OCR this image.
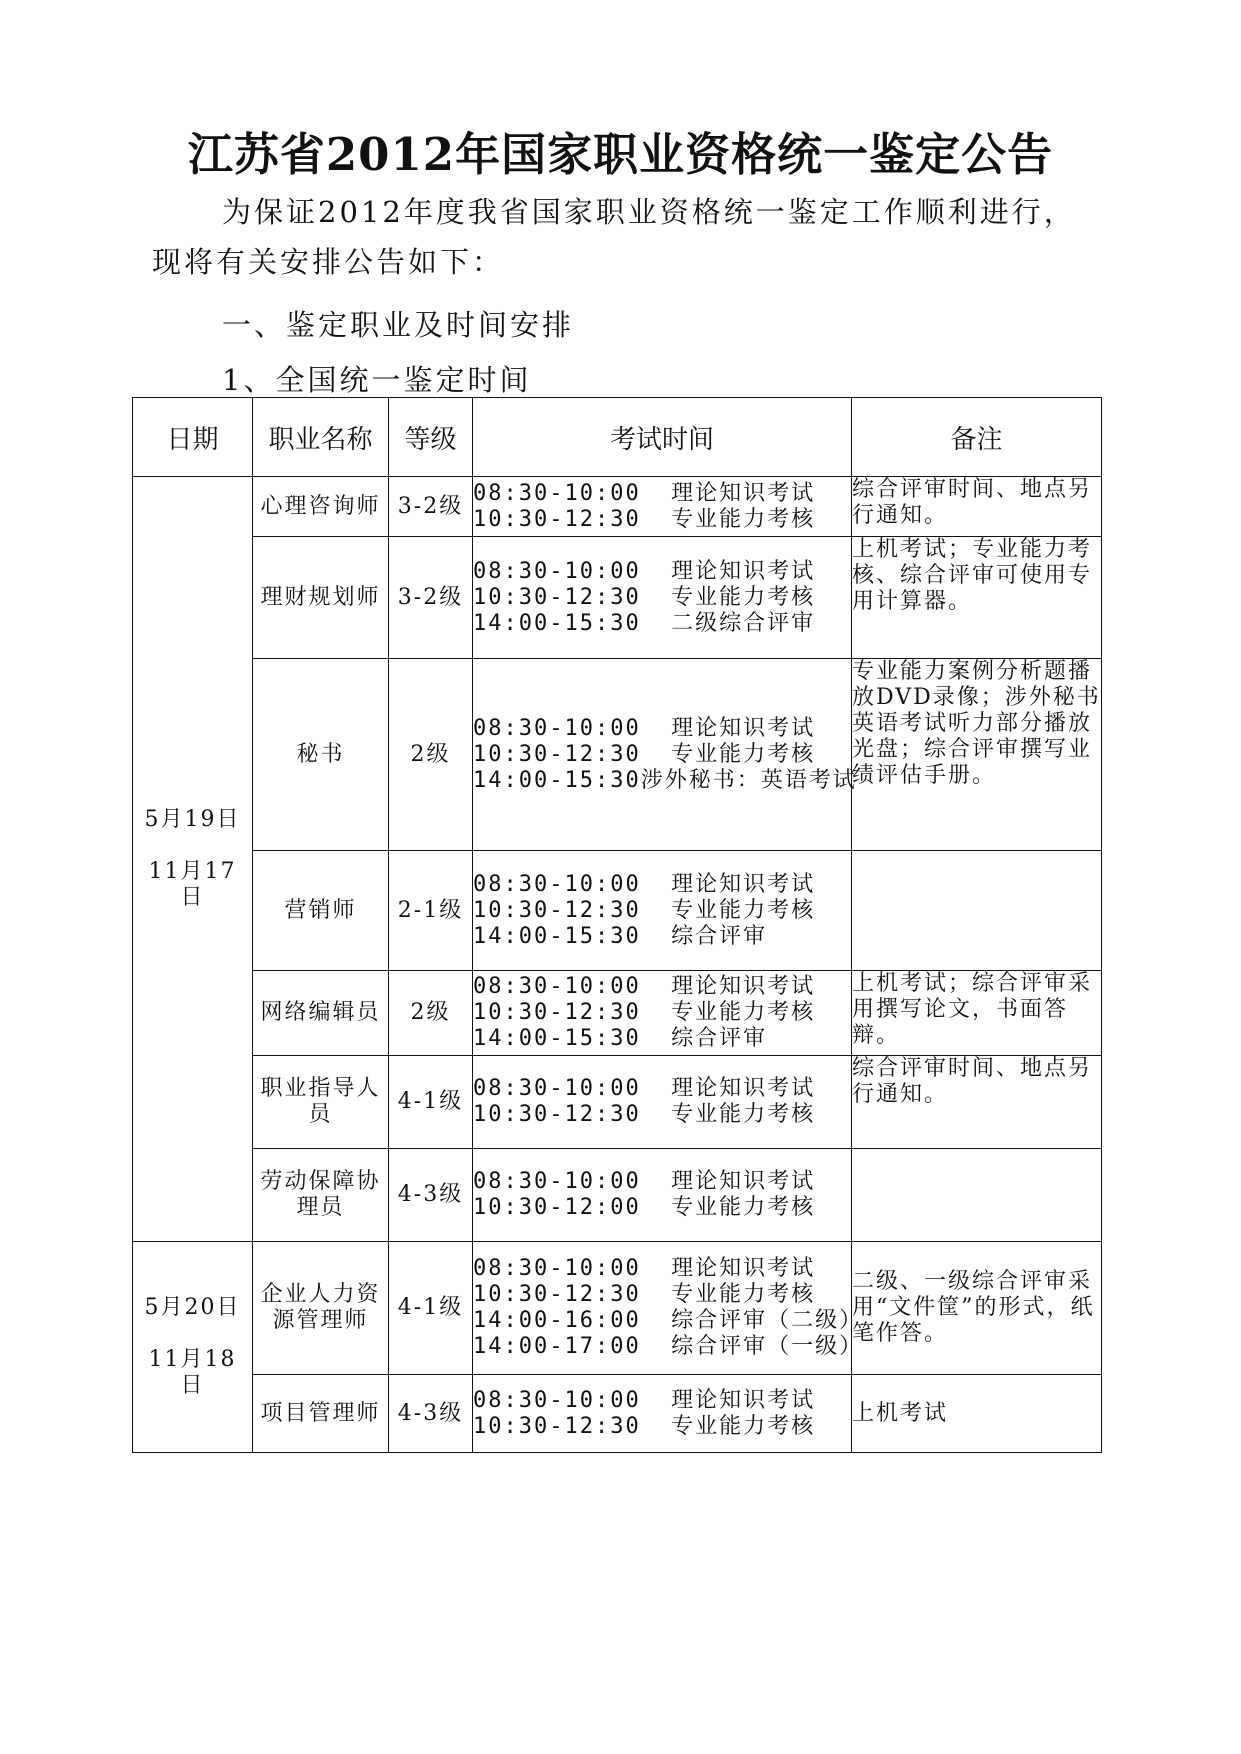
江苏省2012年国家职业资格统一鉴定公告
为保证2012年度我省国家职业资格统一鉴定工作顺利进行，现将有关安排公告如下：
一、鉴定职业及时间安排
1、全国统一鉴定时间
日期	职业名称	等级	考试时间	备注

5月19日
11月17
日	心理咨询师	3-2级	08:30-10:00  理论知识考试
10:30-12:30  专业能力考核	综合评审时间、地点另行通知。
	理财规划师	3-2级	08:30-10:00  理论知识考试
10:30-12:30  专业能力考核
14:00-15:30  二级综合评审	上机考试；专业能力考核、综合评审可使用专用计算器。
	秘书	2级	08:30-10:00  理论知识考试
10:30-12:30  专业能力考核
14:00-15:30涉外秘书：英语考试	专业能力案例分析题播放DVD录像；涉外秘书英语考试听力部分播放光盘；综合评审撰写业绩评估手册。
	营销师	2-1级	08:30-10:00  理论知识考试
10:30-12:30  专业能力考核
14:00-15:30  综合评审	

	网络编辑员	2级	08:30-10:00  理论知识考试
10:30-12:30  专业能力考核
14:00-15:30  综合评审	上机考试；综合评审采用撰写论文，书面答辩。
	职业指导人员	4-1级	08:30-10:00  理论知识考试
10:30-12:30  专业能力考核	综合评审时间、地点另行通知。
	劳动保障协理员	4-3级	08:30-10:00  理论知识考试
10:30-12:00  专业能力考核	

5月20日
11月18
日	企业人力资源管理师	4-1级	08:30-10:00  理论知识考试
10:30-12:30  专业能力考核
14:00-16:00  综合评审（二级）
14:00-17:00  综合评审（一级）	二级、一级综合评审采用“文件筐”的形式，纸笔作答。
	项目管理师	4-3级	08:30-10:00  理论知识考试
10:30-12:30  专业能力考核	上机考试
